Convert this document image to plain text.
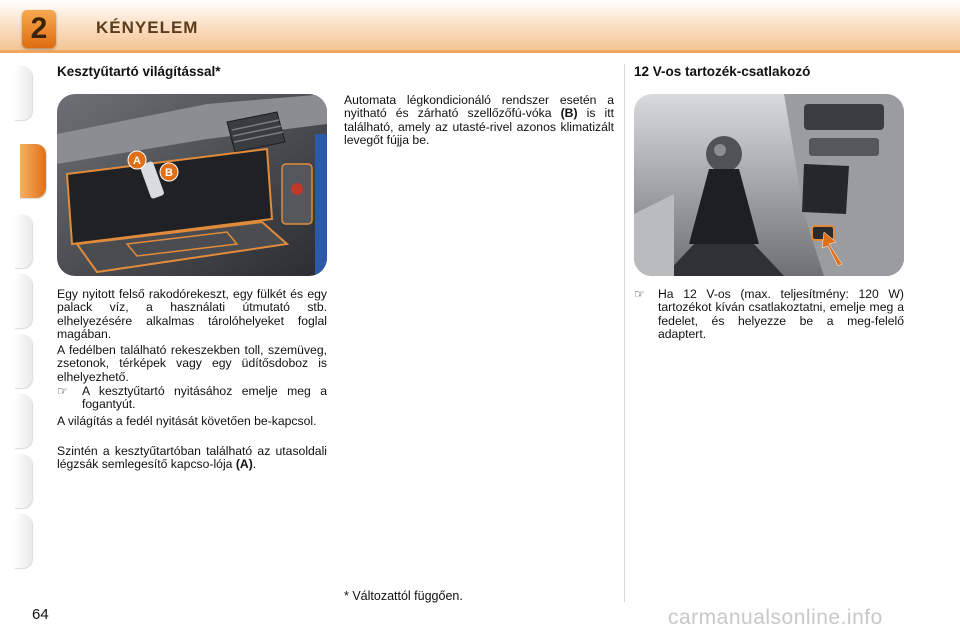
2	KÉNYELEM
Kesztyűtartó világítással*
A
B

Egy nyitott felső rakodórekeszt, egy fülkét és egy palack víz, a használati útmutató stb. elhelyezésére alkalmas tárolóhelyeket foglal magában.

A fedélben található rekeszekben toll, szemüveg, zsetonok, térképek vagy egy üdítősdoboz is elhelyezhető.

☞	A kesztyűtartó nyitásához emelje meg a fogantyút.

A világítás a fedél nyitását követően be-kapcsol.

Szintén a kesztyűtartóban található az utasoldali légzsák semlegesítő kapcso-lója (A).

Automata légkondicionáló rendszer esetén a nyitható és zárható szellőzőfú-vóka (B) is itt található, amely az utasté-rivel azonos klimatizált levegőt fújja be.

* Változattól függően.
12 V-os tartozék-csatlakozó
☞	Ha 12 V-os (max. teljesítmény: 120 W) tartozékot kíván csatlakoztatni, emelje meg a fedelet, és helyezze be a meg-felelő adaptert.
64	carmanualsonline.info
